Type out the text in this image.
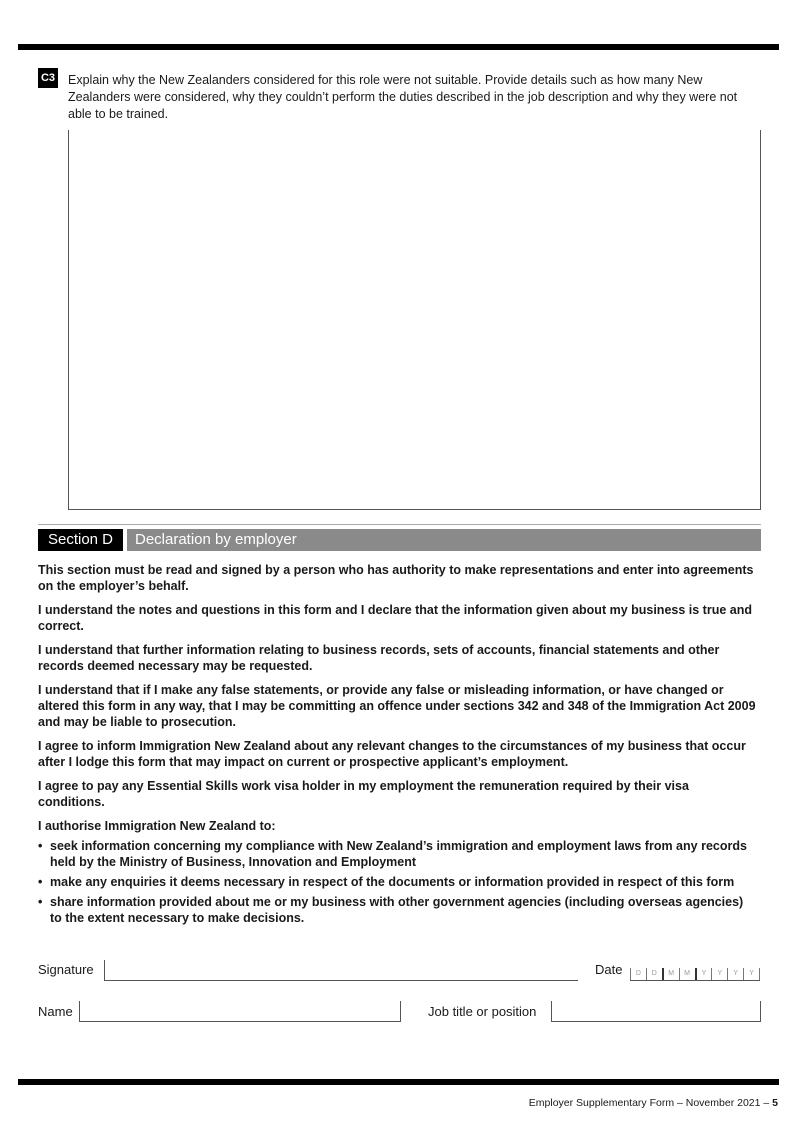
C3 Explain why the New Zealanders considered for this role were not suitable. Provide details such as how many New Zealanders were considered, why they couldn’t perform the duties described in the job description and why they were not able to be trained.
Section D	Declaration by employer

This section must be read and signed by a person who has authority to make representations and enter into agreements on the employer’s behalf.

I understand the notes and questions in this form and I declare that the information given about my business is true and correct.

I understand that further information relating to business records, sets of accounts, financial statements and other records deemed necessary may be requested.

I understand that if I make any false statements, or provide any false or misleading information, or have changed or altered this form in any way, that I may be committing an offence under sections 342 and 348 of the Immigration Act 2009 and may be liable to prosecution.

I agree to inform Immigration New Zealand about any relevant changes to the circumstances of my business that occur after I lodge this form that may impact on current or prospective applicant’s employment.

I agree to pay any Essential Skills work visa holder in my employment the remuneration required by their visa conditions.

I authorise Immigration New Zealand to:

• seek information concerning my compliance with New Zealand’s immigration and employment laws from any records held by the Ministry of Business, Innovation and Employment
• make any enquiries it deems necessary in respect of the documents or information provided in respect of this form
• share information provided about me or my business with other government agencies (including overseas agencies) to the extent necessary to make decisions.
Signature	Date	D	D	M	M	Y	Y	Y	Y
Name	Job title or position
Employer Supplementary Form – November 2021 – 5
